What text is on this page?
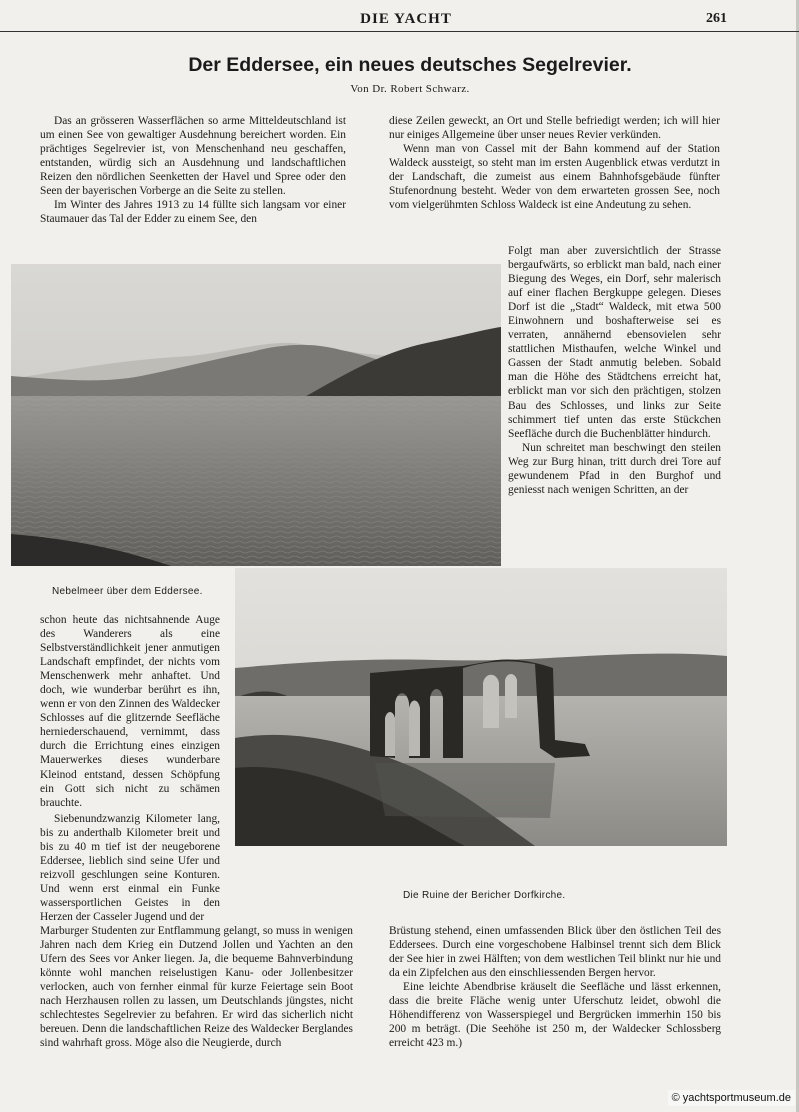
DIE YACHT	261
Der Eddersee, ein neues deutsches Segelrevier.
Von Dr. Robert Schwarz.

Das an grösseren Wasserflächen so arme Mitteldeutschland ist um einen See von gewaltiger Ausdehnung bereichert worden. Ein prächtiges Segelrevier ist, von Menschenhand neu geschaffen, entstanden, würdig sich an Ausdehnung und landschaftlichen Reizen den nördlichen Seenketten der Havel und Spree oder den Seen der bayerischen Vorberge an die Seite zu stellen.

Im Winter des Jahres 1913 zu 14 füllte sich langsam vor einer Staumauer das Tal der Edder zu einem See, den

diese Zeilen geweckt, an Ort und Stelle befriedigt werden; ich will hier nur einiges Allgemeine über unser neues Revier verkünden.

Wenn man von Cassel mit der Bahn kommend auf der Station Waldeck aussteigt, so steht man im ersten Augenblick etwas verdutzt in der Landschaft, die zumeist aus einem Bahnhofsgebäude fünfter Stufenordnung besteht. Weder von dem erwarteten grossen See, noch vom vielgerühmten Schloss Waldeck ist eine Andeutung zu sehen.

Folgt man aber zuversichtlich der Strasse bergaufwärts, so erblickt man bald, nach einer Biegung des Weges, ein Dorf, sehr malerisch auf einer flachen Bergkuppe gelegen. Dieses Dorf ist die „Stadt“ Waldeck, mit etwa 500 Einwohnern und boshafterweise sei es verraten, annähernd ebensovielen sehr stattlichen Misthaufen, welche Winkel und Gassen der Stadt anmutig beleben. Sobald man die Höhe des Städtchens erreicht hat, erblickt man vor sich den prächtigen, stolzen Bau des Schlosses, und links zur Seite schimmert tief unten das erste Stückchen Seefläche durch die Buchenblätter hindurch.

Nun schreitet man beschwingt den steilen Weg zur Burg hinan, tritt durch drei Tore auf gewundenem Pfad in den Burghof und geniesst nach wenigen Schritten, an der

Nebelmeer über dem Eddersee.
Die Ruine der Bericher Dorfkirche.

schon heute das nichtsahnende Auge des Wanderers als eine Selbstverständlichkeit jener anmutigen Landschaft empfindet, der nichts vom Menschenwerk mehr anhaftet. Und doch, wie wunderbar berührt es ihn, wenn er von den Zinnen des Waldecker Schlosses auf die glitzernde Seefläche herniederschauend, vernimmt, dass durch die Errichtung eines einzigen Mauerwerkes dieses wunderbare Kleinod entstand, dessen Schöpfung ein Gott sich nicht zu schämen brauchte.

Siebenundzwanzig Kilometer lang, bis zu anderthalb Kilometer breit und bis zu 40 m tief ist der neugeborene Eddersee, lieblich sind seine Ufer und reizvoll geschlungen seine Konturen. Und wenn erst einmal ein Funke wassersportlichen Geistes in den Herzen der Casseler Jugend und der

Marburger Studenten zur Entflammung gelangt, so muss in wenigen Jahren nach dem Krieg ein Dutzend Jollen und Yachten an den Ufern des Sees vor Anker liegen. Ja, die bequeme Bahnverbindung könnte wohl manchen reiselustigen Kanu- oder Jollenbesitzer verlocken, auch von fernher einmal für kurze Feiertage sein Boot nach Herzhausen rollen zu lassen, um Deutschlands jüngstes, nicht schlechtestes Segelrevier zu befahren. Er wird das sicherlich nicht bereuen. Denn die landschaftlichen Reize des Waldecker Berglandes sind wahrhaft gross. Möge also die Neugierde, durch

Brüstung stehend, einen umfassenden Blick über den östlichen Teil des Eddersees. Durch eine vorgeschobene Halbinsel trennt sich dem Blick der See hier in zwei Hälften; von dem westlichen Teil blinkt nur hie und da ein Zipfelchen aus den einschliessenden Bergen hervor.

Eine leichte Abendbrise kräuselt die Seefläche und lässt erkennen, dass die breite Fläche wenig unter Uferschutz leidet, obwohl die Höhendifferenz von Wasserspiegel und Bergrücken immerhin 150 bis 200 m beträgt. (Die Seehöhe ist 250 m, der Waldecker Schlossberg erreicht 423 m.)

© yachtsportmuseum.de
